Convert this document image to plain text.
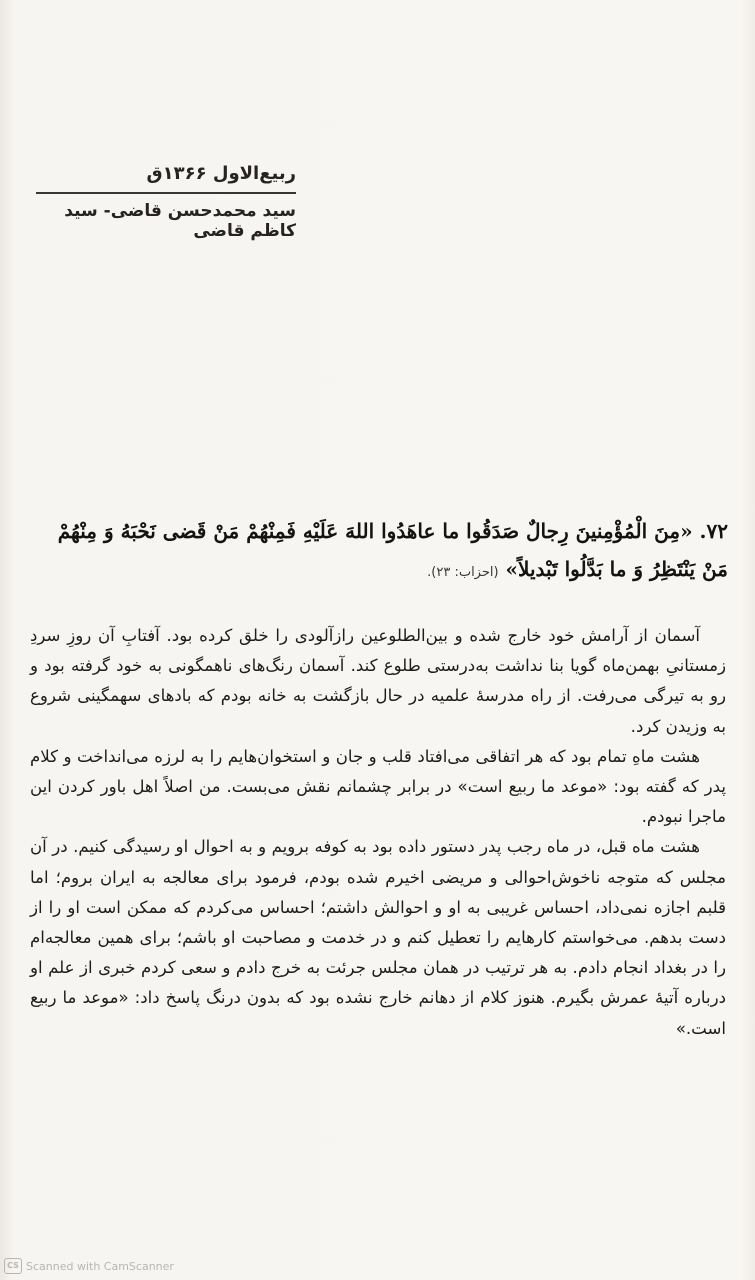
ربیع‌الاول ۱۳۶۶ق
سید محمدحسن قاضی- سید کاظم قاضی
۷۲. «مِنَ الْمُؤْمِنینَ رِجالٌ صَدَقُوا ما عاهَدُوا اللهَ عَلَیْهِ فَمِنْهُمْ مَنْ قَضی نَحْبَهُ وَ مِنْهُمْ مَنْ یَنْتَظِرُ وَ ما بَدَّلُوا تَبْدیلاً» (احزاب: ۲۳).

آسمان از آرامش خود خارج شده و بین‌الطلوعین رازآلودی را خلق کرده بود. آفتابِ آن روزِ سردِ زمستانیِ بهمن‌ماه گویا بنا نداشت به‌درستی طلوع کند. آسمان رنگ‌های ناهمگونی به خود گرفته بود و رو به تیرگی می‌رفت. از راه مدرسهٔ علمیه در حال بازگشت به خانه بودم که بادهای سهمگینی شروع به وزیدن کرد.

هشت ماهِ تمام بود که هر اتفاقی می‌افتاد قلب و جان و استخوان‌هایم را به لرزه می‌انداخت و کلام پدر که گفته بود: «موعد ما ربیع است» در برابر چشمانم نقش می‌بست. من اصلاً اهل باور کردن این ماجرا نبودم.

هشت ماه قبل، در ماه رجب پدر دستور داده بود به کوفه برویم و به احوال او رسیدگی کنیم. در آن مجلس که متوجه ناخوش‌احوالی و مریضی اخیرم شده بودم، فرمود برای معالجه به ایران بروم؛ اما قلبم اجازه نمی‌داد، احساس غریبی به او و احوالش داشتم؛ احساس می‌کردم که ممکن است او را از دست بدهم. می‌خواستم کارهایم را تعطیل کنم و در خدمت و مصاحبت او باشم؛ برای همین معالجه‌ام را در بغداد انجام دادم. به هر ترتیب در همان مجلس جرئت به خرج دادم و سعی کردم خبری از علم او درباره آتیهٔ عمرش بگیرم. هنوز کلام از دهانم خارج نشده بود که بدون درنگ پاسخ داد: «موعد ما ربیع است.»

CS Scanned with CamScanner
